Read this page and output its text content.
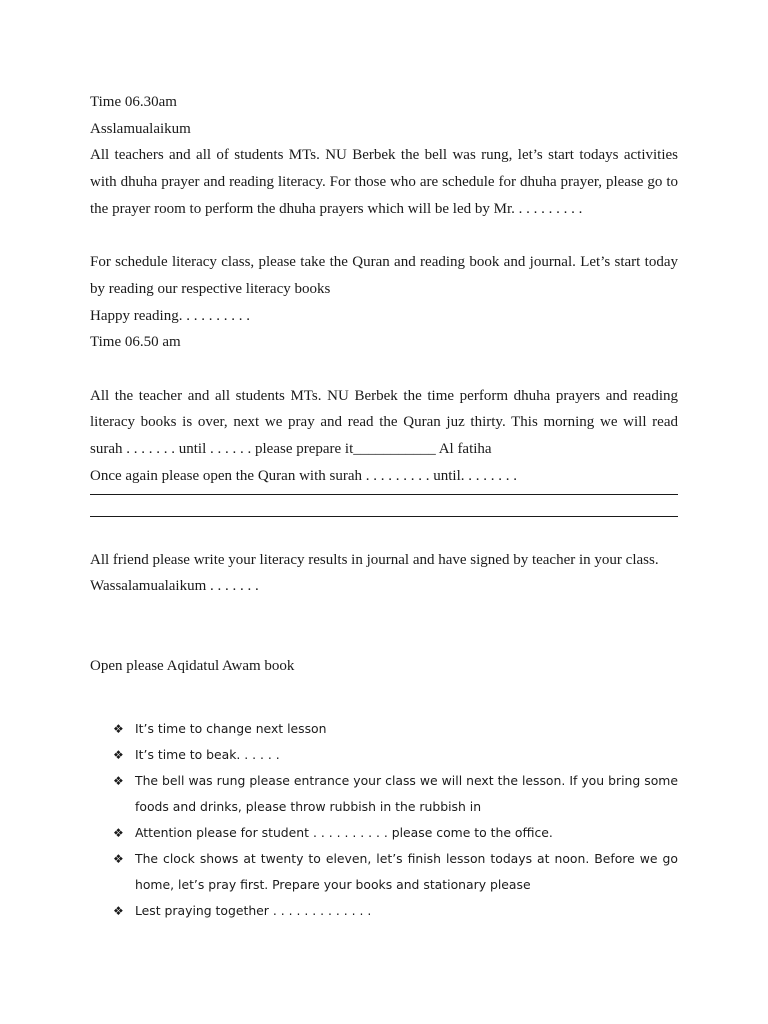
Time 06.30am
Asslamualaikum
All teachers and all of students MTs. NU Berbek the bell was rung, let’s start todays activities with dhuha prayer and reading literacy. For those who are schedule for dhuha prayer, please go to the prayer room to perform the dhuha prayers which will be led by Mr. . . . . . . . . .
For schedule literacy class, please take the Quran and reading book and journal. Let’s start today by reading our respective literacy books
Happy reading. . . . . . . . . .
Time 06.50 am
All the teacher and all students MTs. NU Berbek the time perform dhuha prayers and reading literacy books is over, next we pray and read the Quran juz thirty. This morning we will read surah . . . . . . . until . . . . . . please prepare it___________ Al fatiha
Once again please open the Quran with surah . . . . . . . . . until. . . . . . . .
All friend please write your literacy results in journal and have signed by teacher in your class.
Wassalamualaikum . . . . . . .
Open please Aqidatul Awam book
❖ It’s time to change next lesson
❖ It’s time to beak. . . . . .
❖ The bell was rung please entrance your class we will next the lesson. If you bring some foods and drinks, please throw rubbish in the rubbish in
❖ Attention please for student . . . . . . . . . . please come to the office.
❖ The clock shows at twenty to eleven, let’s finish lesson todays at noon. Before we go home, let’s pray first. Prepare your books and stationary please
❖ Lest praying together . . . . . . . . . . . . .
